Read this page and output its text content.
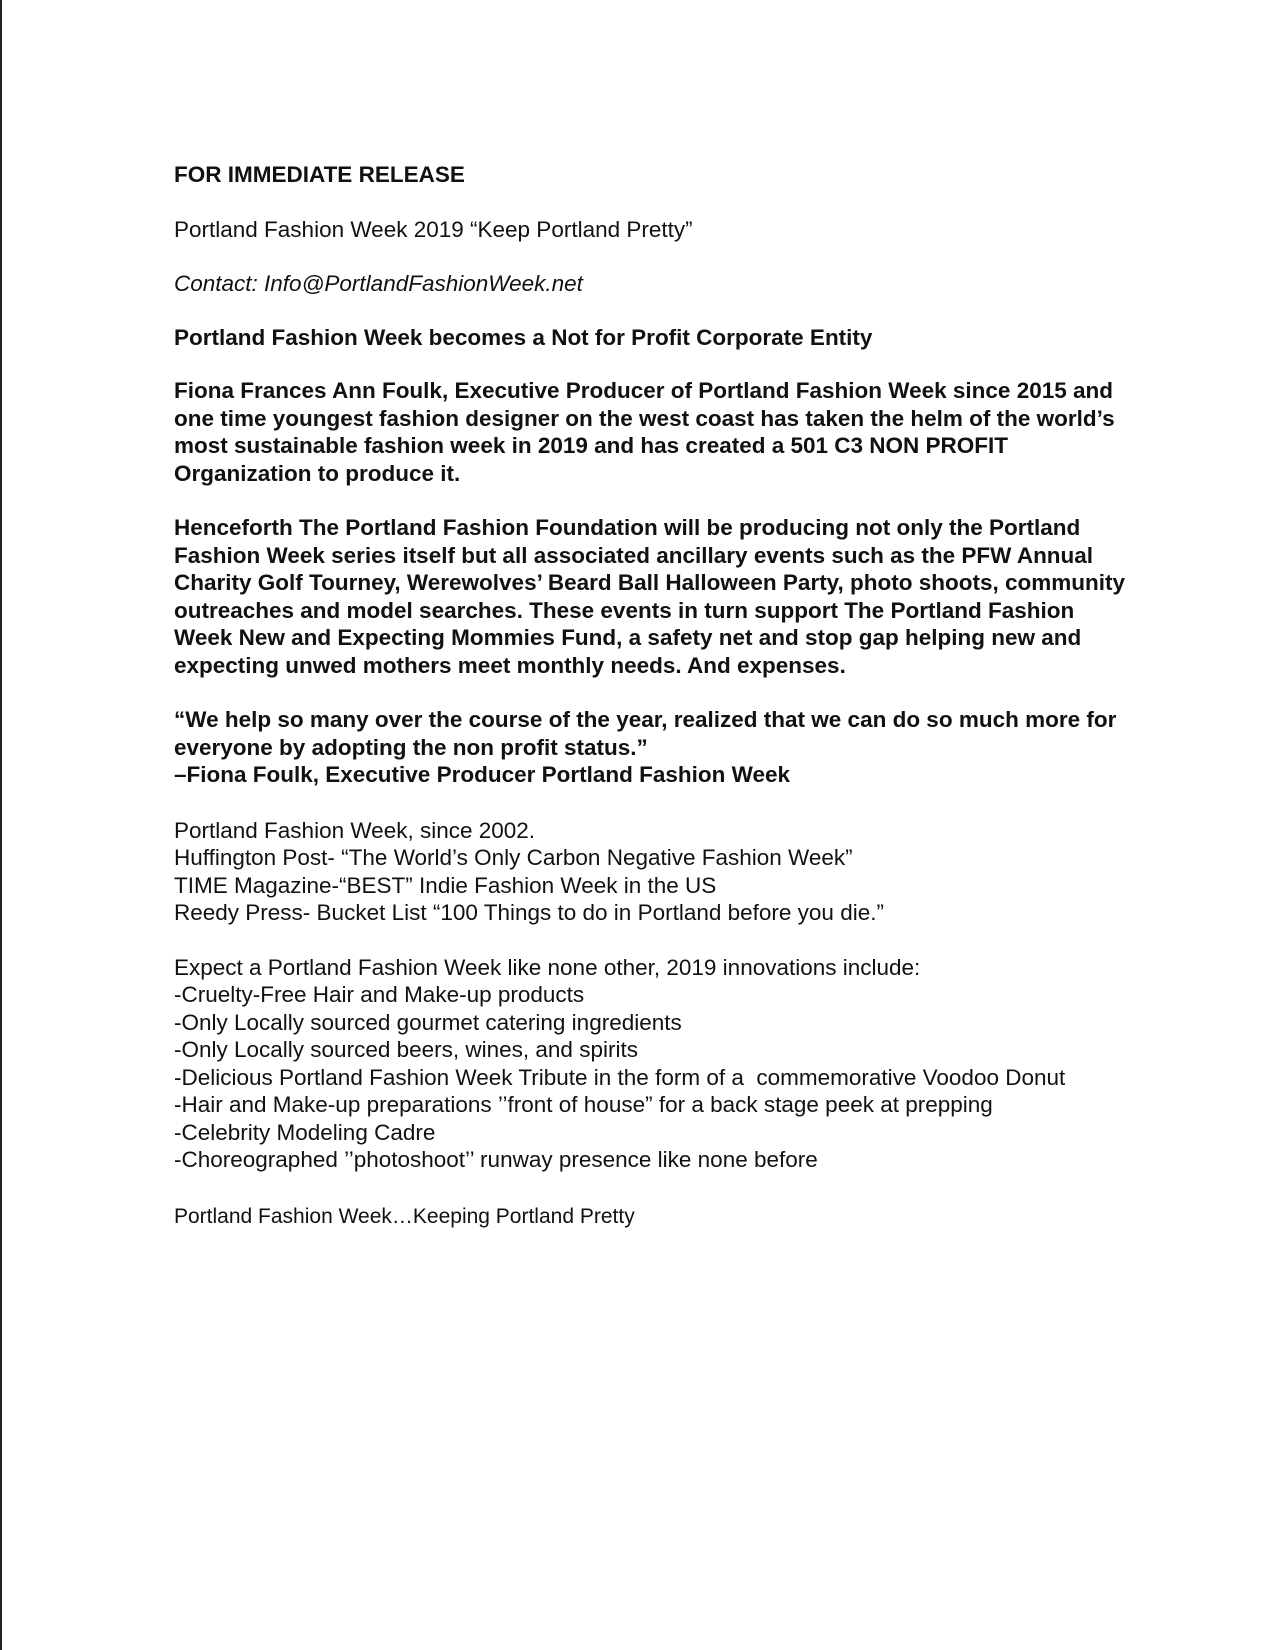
FOR IMMEDIATE RELEASE

Portland Fashion Week 2019 “Keep Portland Pretty”

Contact: Info@PortlandFashionWeek.net

Portland Fashion Week becomes a Not for Profit Corporate Entity

Fiona Frances Ann Foulk, Executive Producer of Portland Fashion Week since 2015 and one time youngest fashion designer on the west coast has taken the helm of the world’s most sustainable fashion week in 2019 and has created a 501 C3 NON PROFIT Organization to produce it.

Henceforth The Portland Fashion Foundation will be producing not only the Portland Fashion Week series itself but all associated ancillary events such as the PFW Annual Charity Golf Tourney, Werewolves’ Beard Ball Halloween Party, photo shoots, community outreaches and model searches. These events in turn support The Portland Fashion Week New and Expecting Mommies Fund, a safety net and stop gap helping new and expecting unwed mothers meet monthly needs. And expenses.

“We help so many over the course of the year, realized that we can do so much more for everyone by adopting the non profit status.”

–Fiona Foulk, Executive Producer Portland Fashion Week

Portland Fashion Week, since 2002.
Huffington Post- “The World’s Only Carbon Negative Fashion Week”
TIME Magazine-“BEST” Indie Fashion Week in the US
Reedy Press- Bucket List “100 Things to do in Portland before you die.”
Expect a Portland Fashion Week like none other, 2019 innovations include:
-Cruelty-Free Hair and Make-up products
-Only Locally sourced gourmet catering ingredients
-Only Locally sourced beers, wines, and spirits
-Delicious Portland Fashion Week Tribute in the form of a  commemorative Voodoo Donut
-Hair and Make-up preparations ’’front of house” for a back stage peek at prepping
-Celebrity Modeling Cadre
-Choreographed ’’photoshoot’’ runway presence like none before

Portland Fashion Week…Keeping Portland Pretty
